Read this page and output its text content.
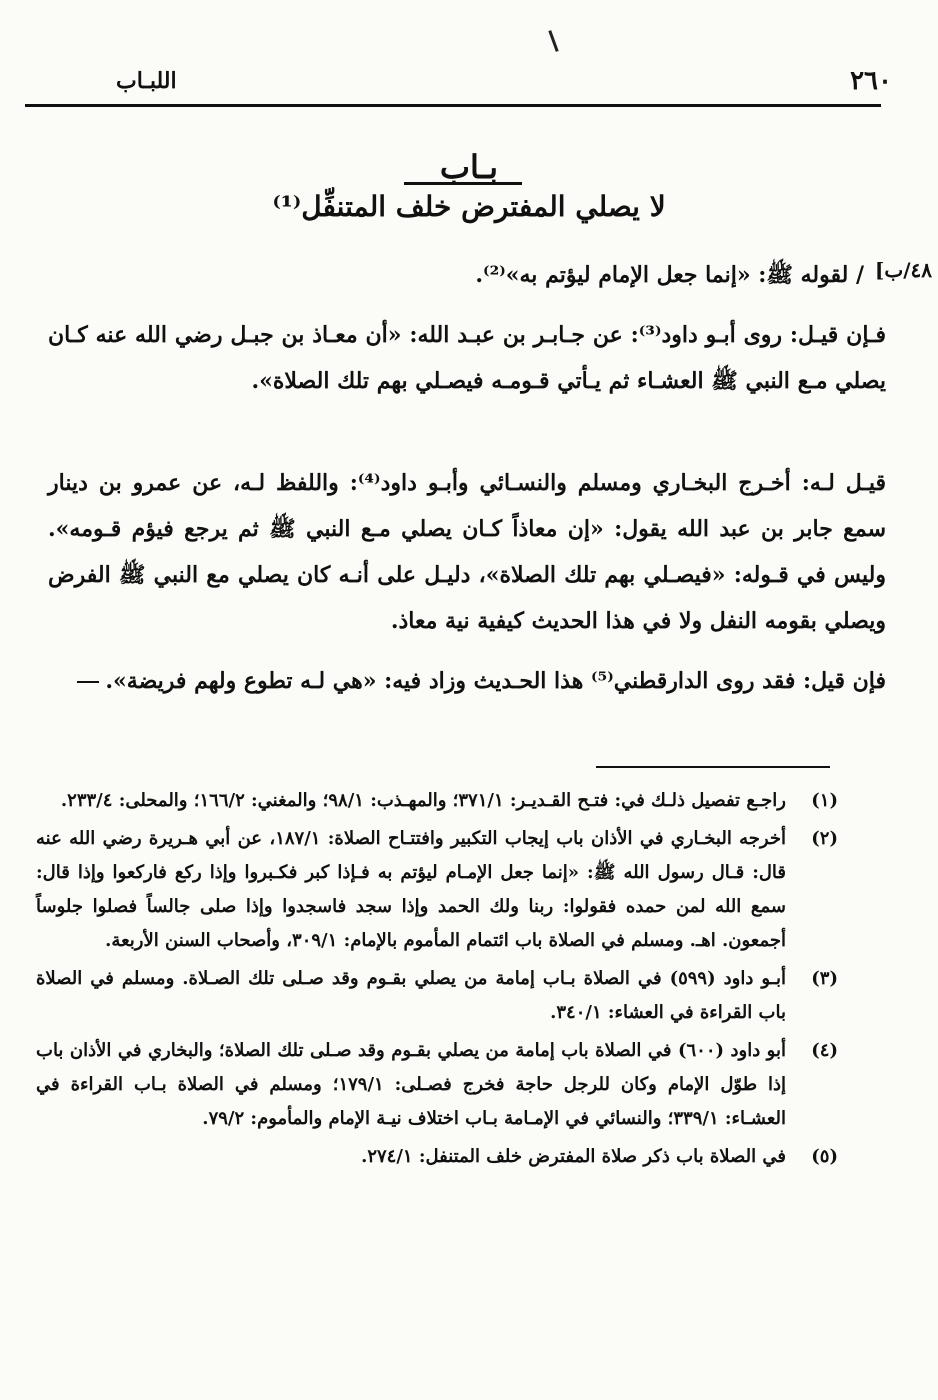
اللبـاب	٢٦٠
بـاب
لا يصلي المفترض خلف المتنفِّل⁽¹⁾
٤٨/ب]

/ لقوله ﷺ: «إنما جعل الإمام ليؤتم به»⁽²⁾.

فـإن قيـل: روى أبـو داود⁽³⁾: عن جـابـر بن عبـد الله: «أن معـاذ بن جبـل رضي الله عنه كـان يصلي مـع النبي ﷺ العشـاء ثم يـأتي قـومـه فيصـلي بهم تلك الصلاة».

قيـل لـه: أخـرج البخـاري ومسلم والنسـائي وأبـو داود⁽⁴⁾: واللفظ لـه، عن عمرو بن دينار سمع جابر بن عبد الله يقول: «إن معاذاً كـان يصلي مـع النبي ﷺ ثم يرجع فيؤم قـومه». وليس في قـوله: «فيصـلي بهم تلك الصلاة»، دليـل على أنـه كان يصلي مع النبي ﷺ الفرض ويصلي بقومه النفل ولا في هذا الحديث كيفية نية معاذ.

فإن قيل: فقد روى الدارقطني⁽⁵⁾ هذا الحـديث وزاد فيه: «هي لـه تطوع ولهم فريضة».

(١)
راجـع تفصيل ذلـك في: فتـح القـديـر: ٣٧١/١؛ والمهـذب: ٩٨/١؛ والمغني: ١٦٦/٢؛ والمحلى: ٢٣٣/٤.
(٢)
أخرجه البخـاري في الأذان باب إيجاب التكبير وافتتـاح الصلاة: ١٨٧/١، عن أبي هـريرة رضي الله عنه قال: قـال رسول الله ﷺ: «إنما جعل الإمـام ليؤتم به فـإذا كبر فكـبروا وإذا ركع فاركعوا وإذا قال: سمع الله لمن حمده فقولوا: ربنا ولك الحمد وإذا سجد فاسجدوا وإذا صلى جالساً فصلوا جلوساً أجمعون. اهـ. ومسلم في الصلاة باب ائتمام المأموم بالإمام: ٣٠٩/١، وأصحاب السنن الأربعة.
(٣)
أبـو داود (٥٩٩) في الصلاة بـاب إمامة من يصلي بقـوم وقد صـلى تلك الصـلاة. ومسلم في الصلاة باب القراءة في العشاء: ٣٤٠/١.
(٤)
أبو داود (٦٠٠) في الصلاة باب إمامة من يصلي بقـوم وقد صـلى تلك الصلاة؛ والبخاري في الأذان باب إذا طوّل الإمام وكان للرجل حاجة فخرج فصـلى: ١٧٩/١؛ ومسلم في الصلاة بـاب القراءة في العشـاء: ٣٣٩/١؛ والنسائي في الإمـامة بـاب اختلاف نيـة الإمام والمأموم: ٧٩/٢.
(٥)
في الصلاة باب ذكر صلاة المفترض خلف المتنفل: ٢٧٤/١.
